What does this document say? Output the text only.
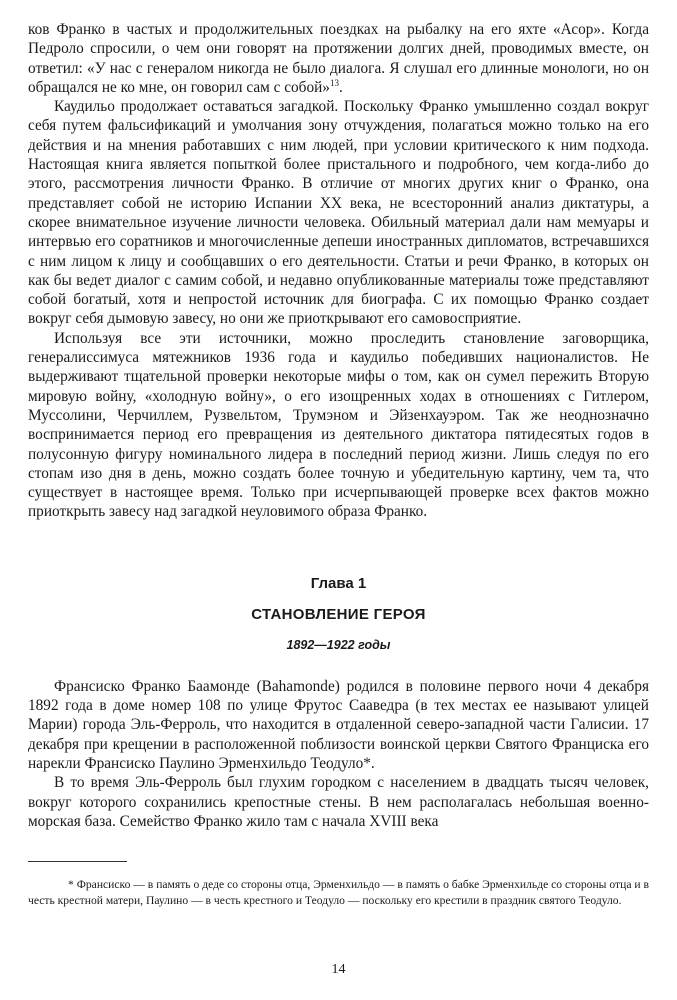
ков Франко в частых и продолжительных поездках на рыбалку на его яхте «Асор». Когда Педроло спросили, о чем они говорят на протяжении долгих дней, проводимых вместе, он ответил: «У нас с генералом никогда не было диалога. Я слушал его длинные монологи, но он обращался не ко мне, он говорил сам с собой»$^{13}$.

Каудильо продолжает оставаться загадкой. Поскольку Франко умышленно создал вокруг себя путем фальсификаций и умолчания зону отчуждения, полагаться можно только на его действия и на мнения работавших с ним людей, при условии критического к ним подхода. Настоящая книга является попыткой более пристального и подробного, чем когда-либо до этого, рассмотрения личности Франко. В отличие от многих других книг о Франко, она представляет собой не историю Испании XX века, не всесторонний анализ диктатуры, а скорее внимательное изучение личности человека. Обильный материал дали нам мемуары и интервью его соратников и многочисленные депеши иностранных дипломатов, встречавшихся с ним лицом к лицу и сообщавших о его деятельности. Статьи и речи Франко, в которых он как бы ведет диалог с самим собой, и недавно опубликованные материалы тоже представляют собой богатый, хотя и непростой источник для биографа. С их помощью Франко создает вокруг себя дымовую завесу, но они же приоткрывают его самовосприятие.

Используя все эти источники, можно проследить становление заговорщика, генералиссимуса мятежников 1936 года и каудильо победивших националистов. Не выдерживают тщательной проверки некоторые мифы о том, как он сумел пережить Вторую мировую войну, «холодную войну», о его изощренных ходах в отношениях с Гитлером, Муссолини, Черчиллем, Рузвельтом, Трумэном и Эйзенхауэром. Так же неоднозначно воспринимается период его превращения из деятельного диктатора пятидесятых годов в полусонную фигуру номинального лидера в последний период жизни. Лишь следуя по его стопам изо дня в день, можно создать более точную и убедительную картину, чем та, что существует в настоящее время. Только при исчерпывающей проверке всех фактов можно приоткрыть завесу над загадкой неуловимого образа Франко.

Глава 1
СТАНОВЛЕНИЕ ГЕРОЯ
1892—1922 годы

Франсиско Франко Баамонде (Bahamonde) родился в половине первого ночи 4 декабря 1892 года в доме номер 108 по улице Фрутос Сааведра (в тех местах ее называют улицей Марии) города Эль-Ферроль, что находится в отдаленной северо-западной части Галисии. 17 декабря при крещении в расположенной поблизости воинской церкви Святого Франциска его нарекли Франсиско Паулино Эрменхильдо Теодуло*.

В то время Эль-Ферроль был глухим городком с населением в двадцать тысяч человек, вокруг которого сохранились крепостные стены. В нем располагалась небольшая военно-морская база. Семейство Франко жило там с начала XVIII века

* Франсиско — в память о деде со стороны отца, Эрменхильдо — в память о бабке Эрменхильде со стороны отца и в честь крестной матери, Паулино — в честь крестного и Теодуло — поскольку его крестили в праздник святого Теодуло.

14
